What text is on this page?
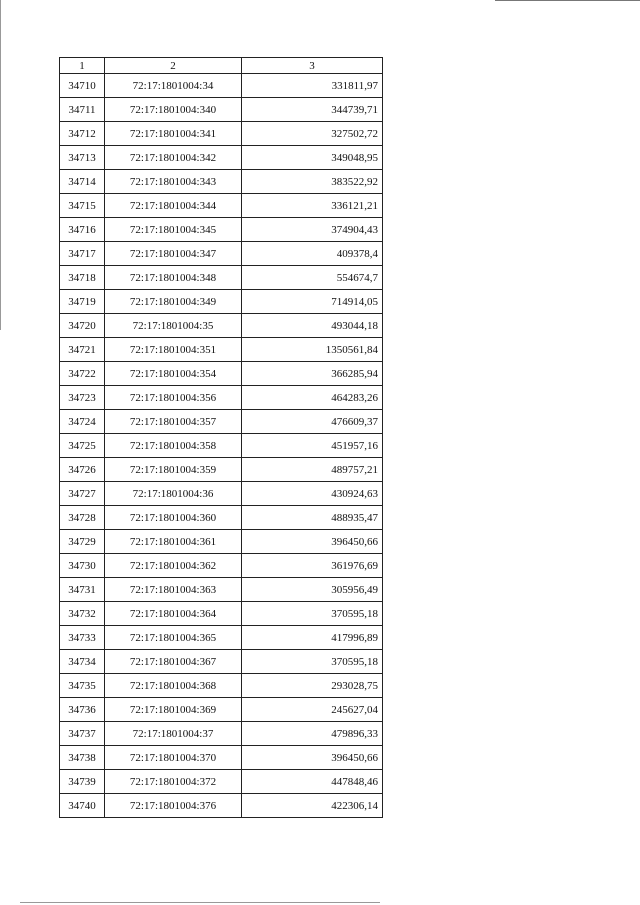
1	2	3
34710	72:17:1801004:34	331811,97
34711	72:17:1801004:340	344739,71
34712	72:17:1801004:341	327502,72
34713	72:17:1801004:342	349048,95
34714	72:17:1801004:343	383522,92
34715	72:17:1801004:344	336121,21
34716	72:17:1801004:345	374904,43
34717	72:17:1801004:347	409378,4
34718	72:17:1801004:348	554674,7
34719	72:17:1801004:349	714914,05
34720	72:17:1801004:35	493044,18
34721	72:17:1801004:351	1350561,84
34722	72:17:1801004:354	366285,94
34723	72:17:1801004:356	464283,26
34724	72:17:1801004:357	476609,37
34725	72:17:1801004:358	451957,16
34726	72:17:1801004:359	489757,21
34727	72:17:1801004:36	430924,63
34728	72:17:1801004:360	488935,47
34729	72:17:1801004:361	396450,66
34730	72:17:1801004:362	361976,69
34731	72:17:1801004:363	305956,49
34732	72:17:1801004:364	370595,18
34733	72:17:1801004:365	417996,89
34734	72:17:1801004:367	370595,18
34735	72:17:1801004:368	293028,75
34736	72:17:1801004:369	245627,04
34737	72:17:1801004:37	479896,33
34738	72:17:1801004:370	396450,66
34739	72:17:1801004:372	447848,46
34740	72:17:1801004:376	422306,14
